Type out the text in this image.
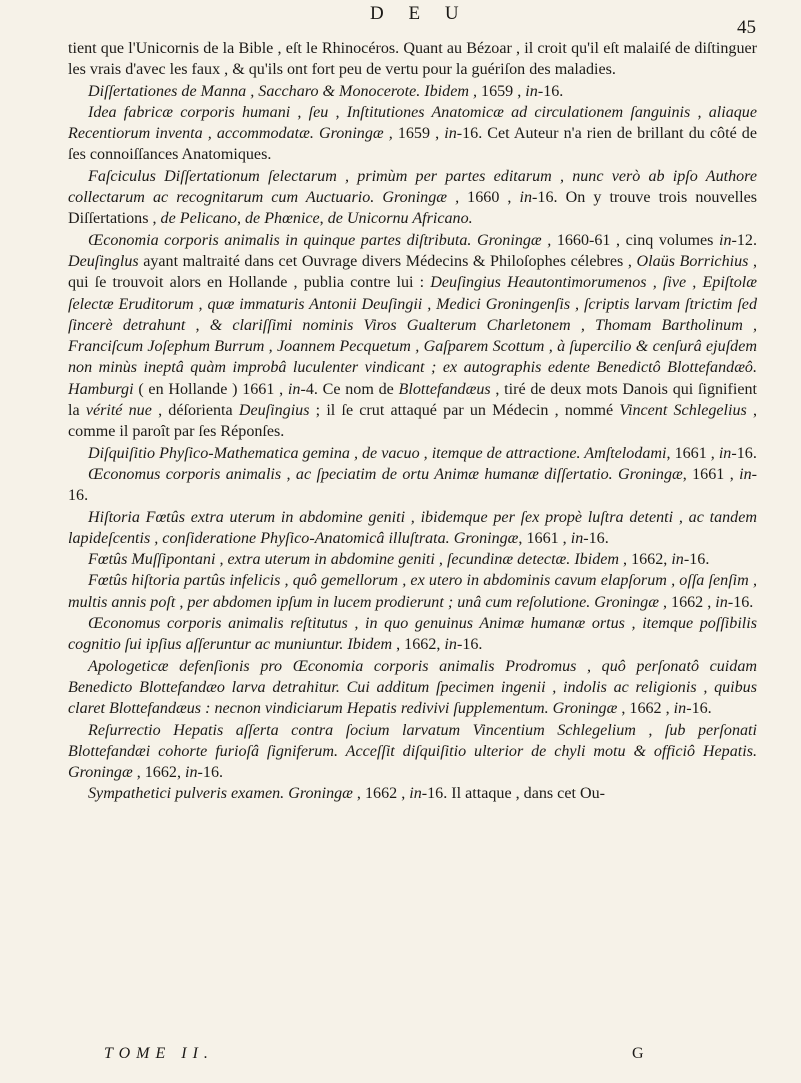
D E U
45

tient que l'Unicornis de la Bible , eſt le Rhinocéros. Quant au Bézoar , il croit qu'il eſt malaiſé de diſtinguer les vrais d'avec les faux , & qu'ils ont fort peu de vertu pour la guériſon des maladies.

Diſſertationes de Manna , Saccharo & Monocerote. Ibidem , 1659 , in-16.

Idea fabricæ corporis humani , ſeu , Inſtitutiones Anatomicæ ad circulationem ſanguinis , aliaque Recentiorum inventa , accommodatæ. Groningæ , 1659 , in-16. Cet Auteur n'a rien de brillant du côté de ſes connoiſſances Anatomiques.

Faſciculus Diſſertationum ſelectarum , primùm per partes editarum , nunc verò ab ipſo Authore collectarum ac recognitarum cum Auctuario. Groningæ , 1660 , in-16. On y trouve trois nouvelles Diſſertations , de Pelicano, de Phœnice, de Unicornu Africano.

Œconomia corporis animalis in quinque partes diſtributa. Groningæ , 1660-61 , cinq volumes in-12. Deuſinglus ayant maltraité dans cet Ouvrage divers Médecins & Philoſophes célebres , Olaüs Borrichius , qui ſe trouvoit alors en Hollande , publia contre lui : Deuſingius Heautontimorumenos , ſive , Epiſtolæ ſelectæ Eruditorum , quæ immaturis Antonii Deuſingii , Medici Groningenſis , ſcriptis larvam ſtrictim ſed ſincerè detrahunt , & clariſſimi nominis Viros Gualterum Charletonem , Thomam Bartholinum , Franciſcum Joſephum Burrum , Joannem Pecquetum , Gaſparem Scottum , à ſupercilio & cenſurâ ejuſdem non minùs ineptâ quàm improbâ luculenter vindicant ; ex autographis edente Benedictô Blottefandæô. Hamburgi ( en Hollande ) 1661 , in-4. Ce nom de Blottefandæus , tiré de deux mots Danois qui ſignifient la vérité nue , déſorienta Deuſingius ; il ſe crut attaqué par un Médecin , nommé Vincent Schlegelius , comme il paroît par ſes Réponſes.

Diſquiſitio Phyſico-Mathematica gemina , de vacuo , itemque de attractione. Amſtelodami, 1661 , in-16.

Œconomus corporis animalis , ac ſpeciatim de ortu Animæ humanæ diſſertatio. Groningæ, 1661 , in-16.

Hiſtoria Fœtûs extra uterum in abdomine geniti , ibidemque per ſex propè luſtra detenti , ac tandem lapideſcentis , conſideratione Phyſico-Anatomicâ illuſtrata. Groningæ, 1661 , in-16.

Fœtûs Muſſipontani , extra uterum in abdomine geniti , ſecundinæ detectæ. Ibidem , 1662, in-16.

Fœtûs hiſtoria partûs infelicis , quô gemellorum , ex utero in abdominis cavum elapſorum , oſſa ſenſim , multis annis poſt , per abdomen ipſum in lucem prodierunt ; unâ cum reſolutione. Groningæ , 1662 , in-16.

Œconomus corporis animalis reſtitutus , in quo genuinus Animæ humanæ ortus , itemque poſſibilis cognitio ſui ipſius aſſeruntur ac muniuntur. Ibidem , 1662, in-16.

Apologeticæ defenſionis pro Œconomia corporis animalis Prodromus , quô perſonatô cuidam Benedicto Blottefandæo larva detrahitur. Cui additum ſpecimen ingenii , indolis ac religionis , quibus claret Blottefandæus : necnon vindiciarum Hepatis redivivi ſupplementum. Groningæ , 1662 , in-16.

Reſurrectio Hepatis aſſerta contra ſocium larvatum Vincentium Schlegelium , ſub perſonati Blottefandæi cohorte furioſâ ſigniferum. Acceſſit diſquiſitio ulterior de chyli motu & officiô Hepatis. Groningæ , 1662, in-16.

Sympathetici pulveris examen. Groningæ , 1662 , in-16. Il attaque , dans cet Ou-

TOME II.	G
